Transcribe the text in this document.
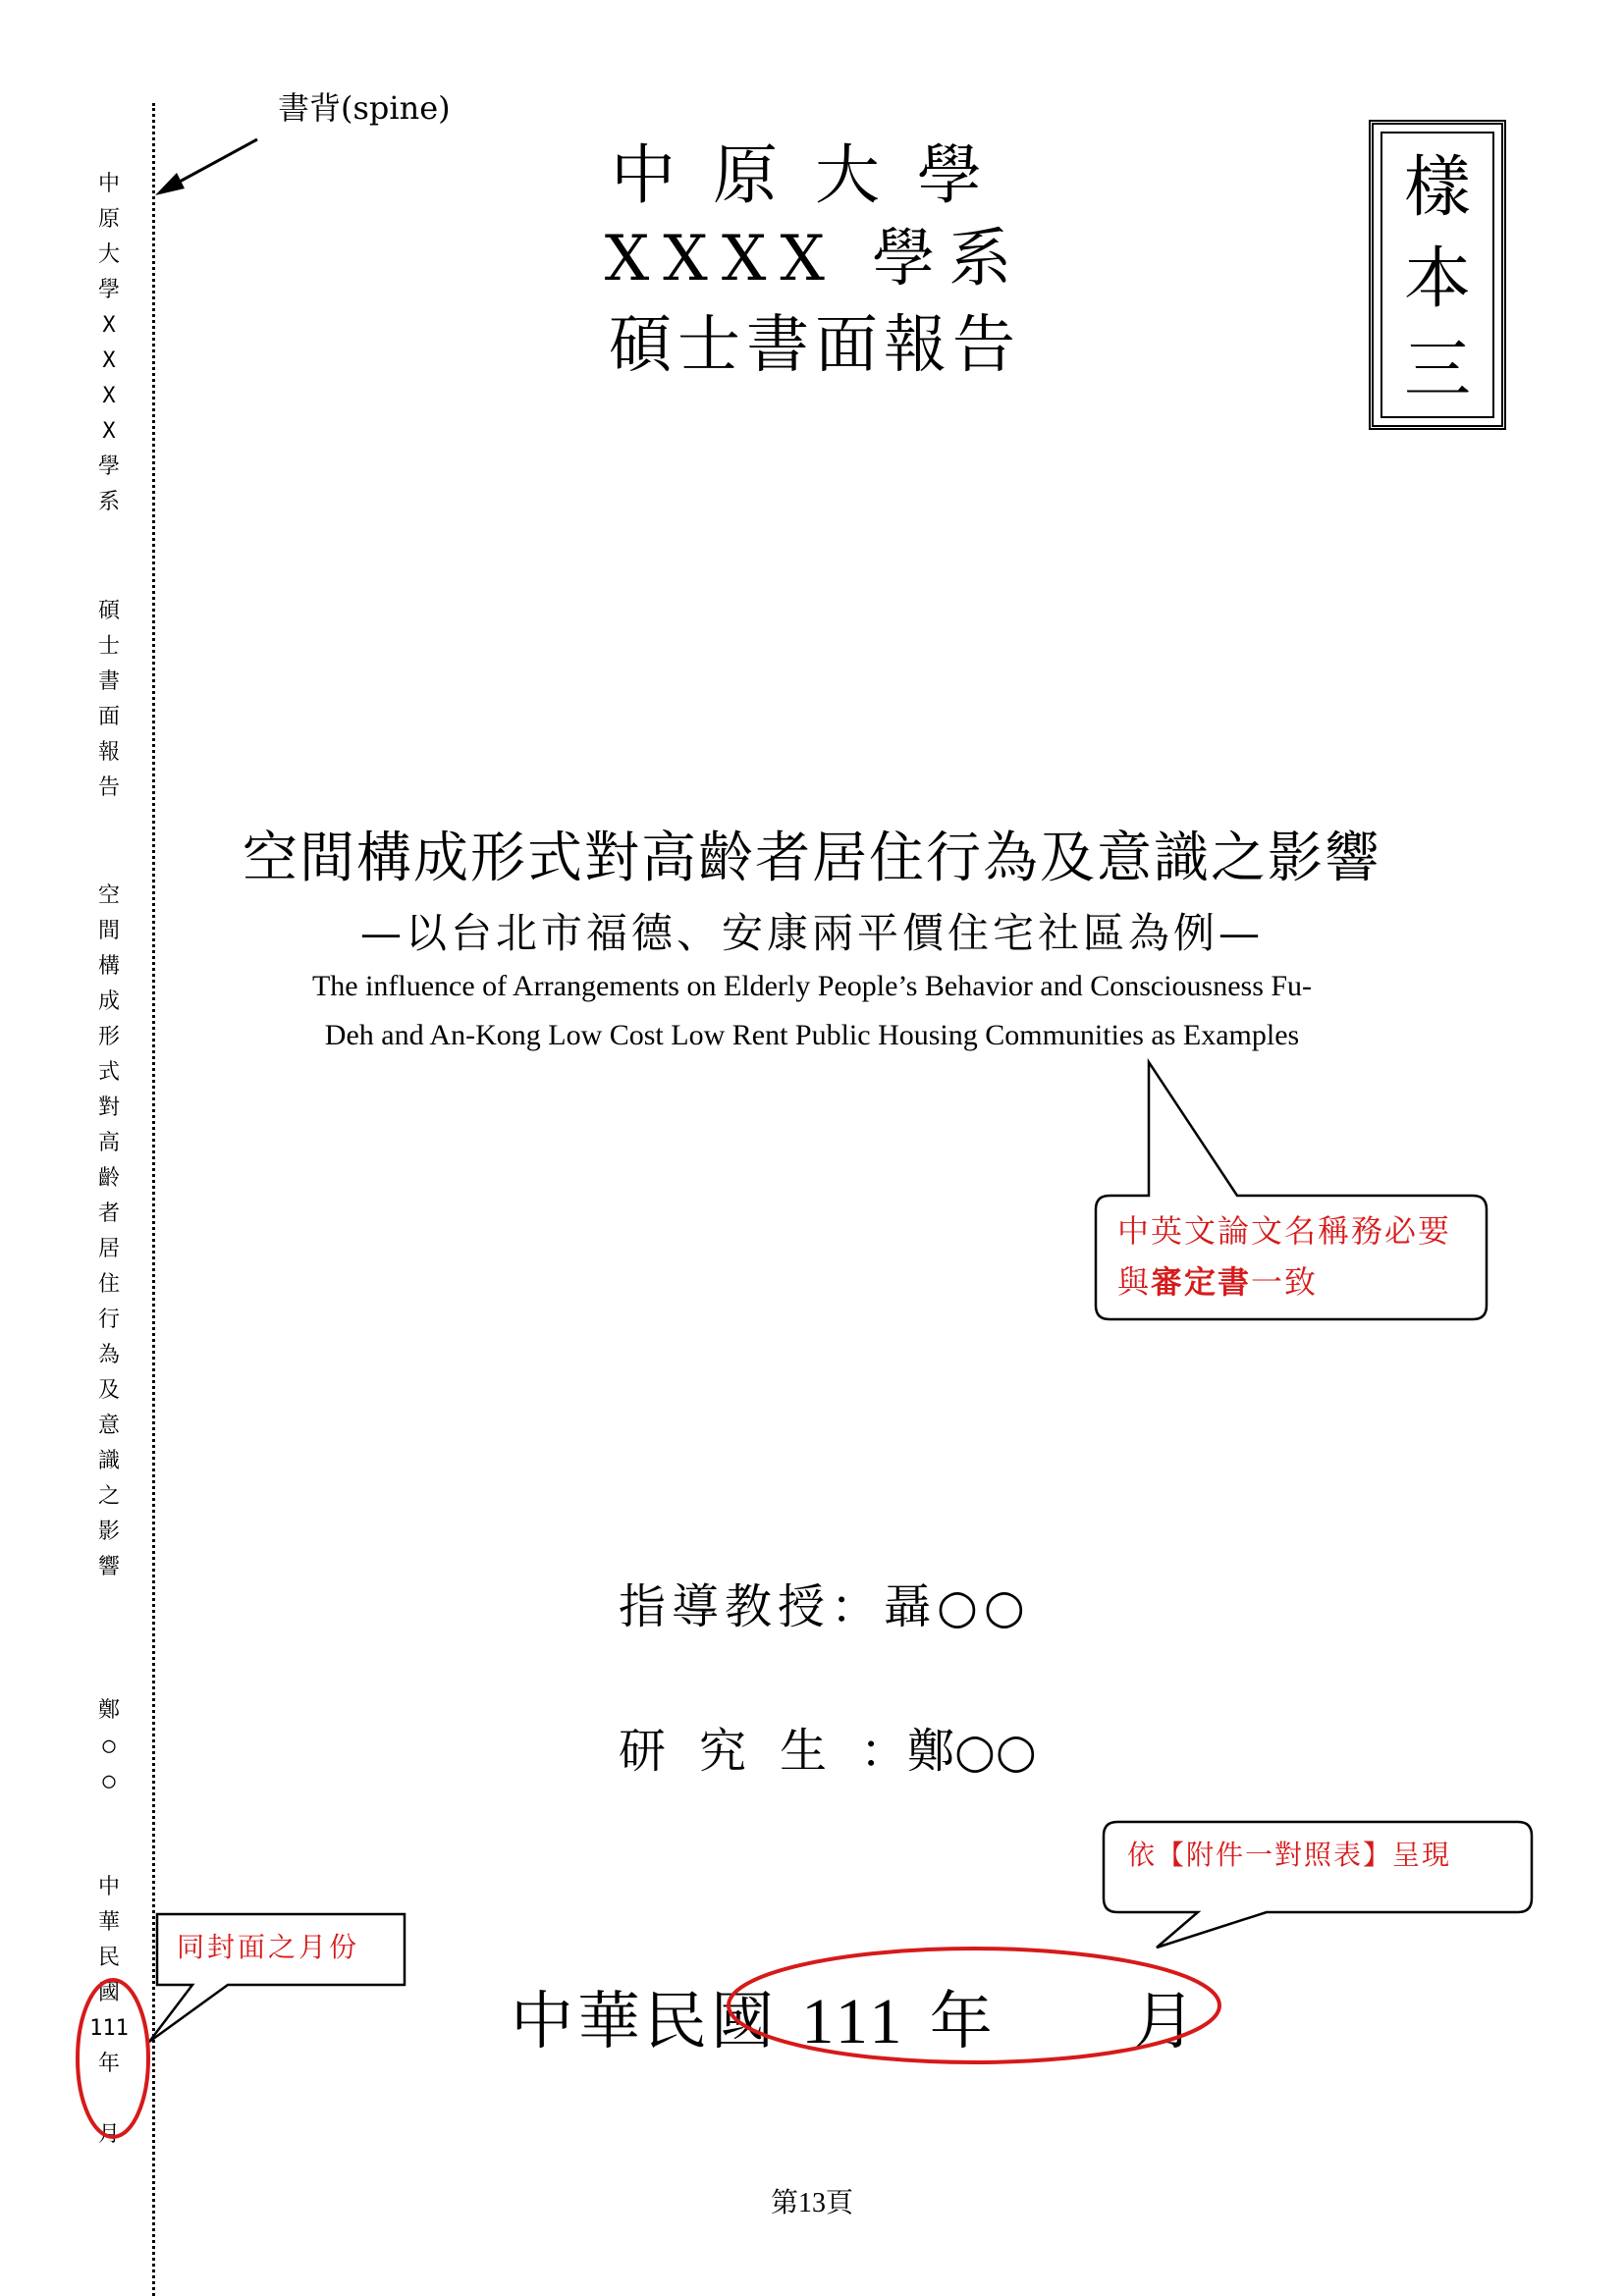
中
原
大
學
X
X
X
X
學
系
碩
士
書
面
報
告
空
間
構
成
形
式
對
高
齡
者
居
住
行
為
及
意
識
之
影
響
鄭
○
○
中
華
民
國
111
年
月
書背(spine)
樣
本
三
中原大學
XXXX 學系
碩士書面報告
空間構成形式對高齡者居住行為及意識之影響
—以台北市福德、安康兩平價住宅社區為例—
The influence of Arrangements on Elderly People’s Behavior and Consciousness Fu-
Deh and An-Kong Low Cost Low Rent Public Housing Communities as Examples
指導教授：聶○○
研究生：鄭○○
中華民國 111 年 月
第13頁
中英文論文名稱務必要與審定書一致
依【附件一對照表】呈現
同封面之月份
